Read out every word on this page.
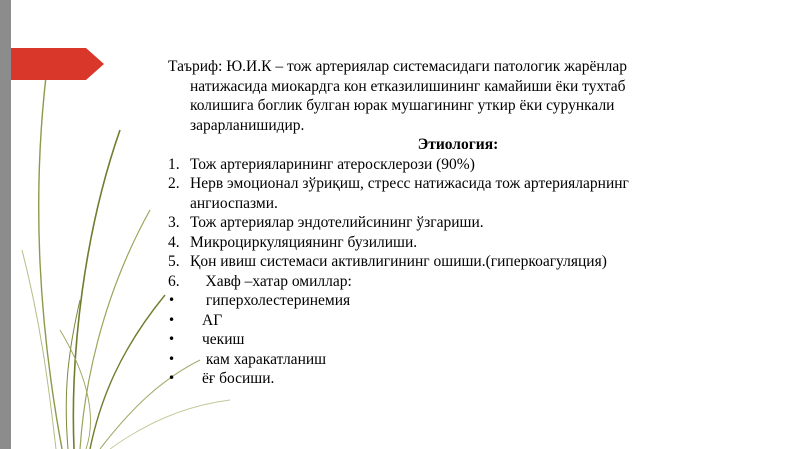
Таъриф: Ю.И.К – тож артериялар системасидаги патологик жарёнлар натижасида миокардга кон етказилишининг камайиши ёки тухтаб колишига боглик булган юрак мушагининг уткир ёки сурункали зарарланишидир.

Этиология:

1. Тож артерияларининг атеросклерози (90%)
2. Нерв эмоционал зўриқиш, стресс натижасида тож артерияларнинг ангиоспазми.
3. Тож артериялар эндотелийсининг ўзгариши.
4. Микроциркуляциянинг бузилиши.
5. Қон ивиш системаси активлигининг ошиши.(гиперкоагуляция)
6. Хавф –хатар омиллар:
•	гиперхолестеринемия
•	АГ
•	чекиш
•	кам харакатланиш
•	ёғ босиши.
